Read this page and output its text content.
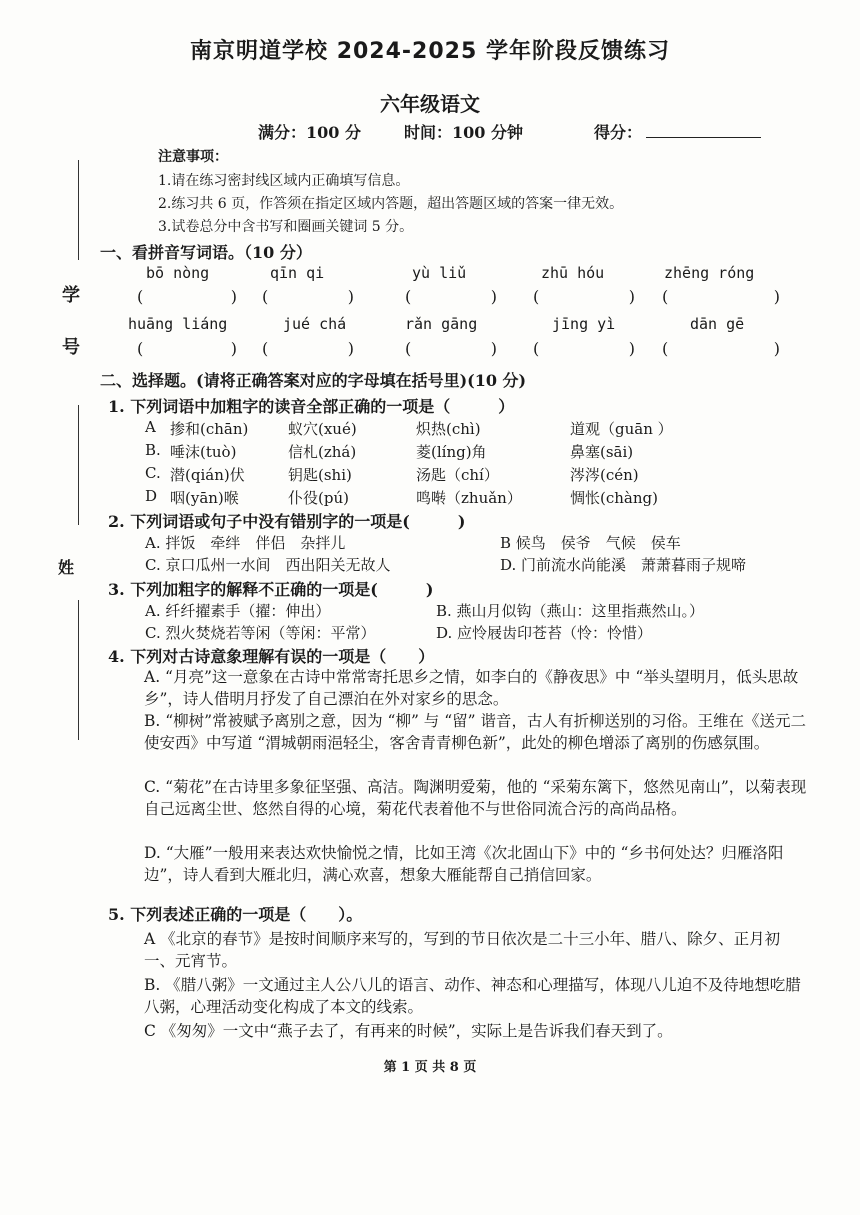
学 号
姓
南京明道学校 2024-2025 学年阶段反馈练习
六年级语文
满分：100 分	时间：100 分钟	得分：
注意事项：
1.请在练习密封线区域内正确填写信息。
2.练习共 6 页，作答须在指定区域内答题，超出答题区域的答案一律无效。
3.试卷总分中含书写和圈画关键词 5 分。
一、看拼音写词语。（10 分）
bō nòng	qīn qi	yù liǔ	zhū hóu	zhēng róng
(	) (	)	(	) (	) (	)
huāng liáng	jué chá	rǎn gāng	jīng yì	dān gē
(	) (	)	(	) (	) (	)
二、选择题。(请将正确答案对应的字母填在括号里)(10 分)
1. 下列词语中加粗字的读音全部正确的一项是（　　　）
A 掺和(chān)	蚁穴(xué)	炽热(chì)	道观（guān ）
B. 唾沫(tuò)	信札(zhá)	菱(líng)角	鼻塞(sāi)
C. 潜(qián)伏	钥匙(shi)	汤匙（chí）	涔涔(cén)
D 咽(yān)喉	仆役(pú)	鸣啭（zhuǎn）	惆怅(chàng)
2. 下列词语或句子中没有错别字的一项是(　　　)
A. 拌饭　牵绊　伴侣　杂拌儿	B 候鸟　侯爷　气候　侯车
C. 京口瓜州一水间　西出阳关无故人	D. 门前流水尚能溪　萧萧暮雨子规啼
3. 下列加粗字的解释不正确的一项是(　　　)
A. 纤纤擢素手（擢：伸出）	B. 燕山月似钩（燕山：这里指燕然山。）
C. 烈火焚烧若等闲（等闲：平常）	D. 应怜屐齿印苍苔（怜：怜惜）
4. 下列对古诗意象理解有误的一项是（　　）
A. “月亮”这一意象在古诗中常常寄托思乡之情，如李白的《静夜思》中 “举头望明月，低头思故乡”，诗人借明月抒发了自己漂泊在外对家乡的思念。
B. “柳树”常被赋予离别之意，因为 “柳” 与 “留” 谐音，古人有折柳送别的习俗。王维在《送元二使安西》中写道 “渭城朝雨浥轻尘，客舍青青柳色新”，此处的柳色增添了离别的伤感氛围。
C. “菊花”在古诗里多象征坚强、高洁。陶渊明爱菊，他的 “采菊东篱下，悠然见南山”，以菊表现自己远离尘世、悠然自得的心境，菊花代表着他不与世俗同流合污的高尚品格。
D. “大雁”一般用来表达欢快愉悦之情，比如王湾《次北固山下》中的 “乡书何处达？归雁洛阳边”，诗人看到大雁北归，满心欢喜，想象大雁能帮自己捎信回家。
5. 下列表述正确的一项是（　　）。
A 《北京的春节》是按时间顺序来写的，写到的节日依次是二十三小年、腊八、除夕、正月初一、元宵节。
B. 《腊八粥》一文通过主人公八儿的语言、动作、神态和心理描写，体现八儿迫不及待地想吃腊八粥，心理活动变化构成了本文的线索。
C 《匆匆》一文中“燕子去了，有再来的时候”，实际上是告诉我们春天到了。
第 1 页 共 8 页
